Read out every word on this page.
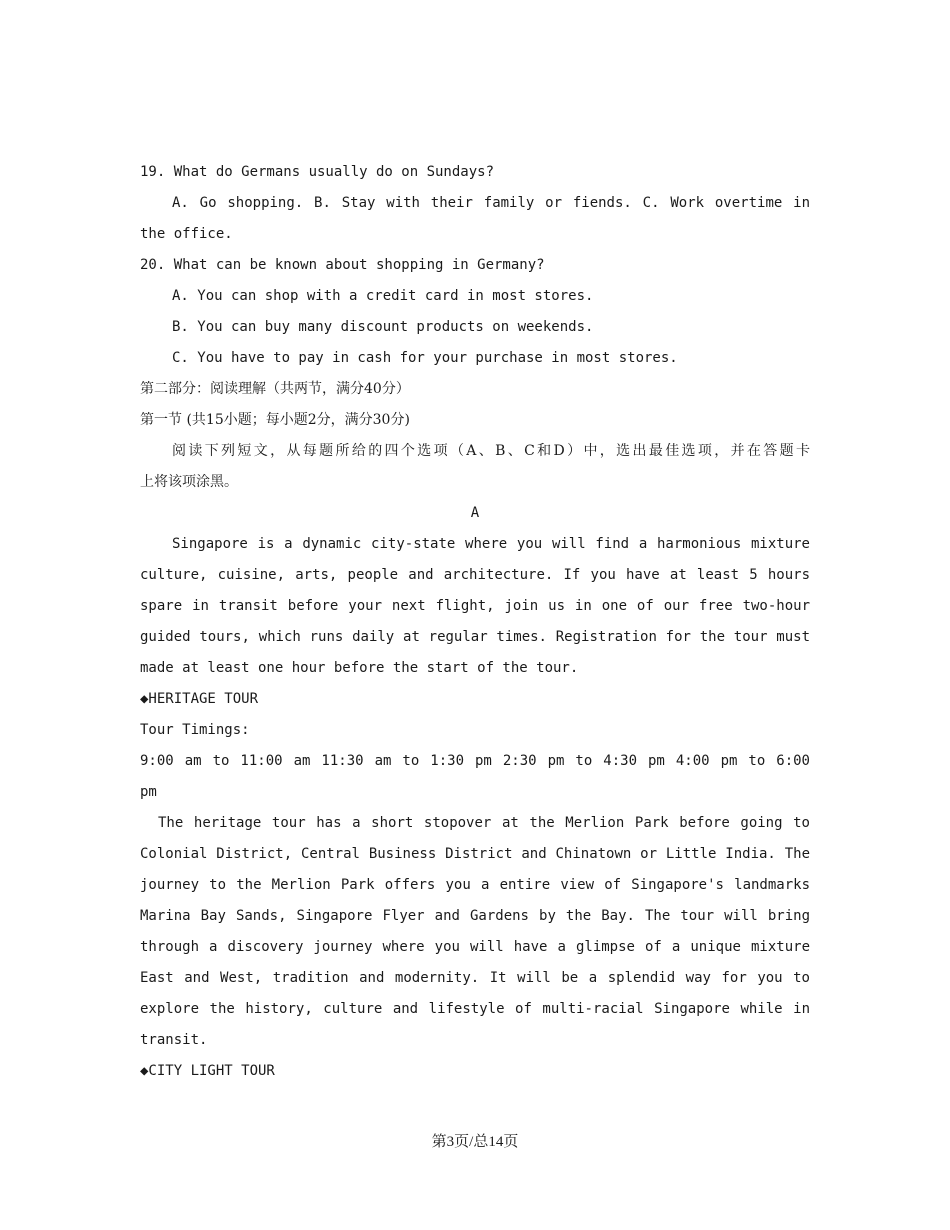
19. What do Germans usually do on Sundays?
A. Go shopping. B. Stay with their family or fiends. C. Work overtime in
the office.
20. What can be known about shopping in Germany?
A. You can shop with a credit card in most stores.
B. You can buy many discount products on weekends.
C. You have to pay in cash for your purchase in most stores.
第二部分：阅读理解（共两节，满分40分）
第一节 (共15小题；每小题2分，满分30分)
阅读下列短文，从每题所给的四个选项（A、B、C和D）中，选出最佳选项，并在答题卡
上将该项涂黑。
A
Singapore is a dynamic city-state where you will find a harmonious mixture
culture, cuisine, arts, people and architecture. If you have at least 5 hours
spare in transit before your next flight, join us in one of our free two-hour
guided tours, which runs daily at regular times. Registration for the tour must
made at least one hour before the start of the tour.
◆HERITAGE TOUR
Tour Timings:
9:00 am to 11:00 am 11:30 am to 1:30 pm 2:30 pm to 4:30 pm 4:00 pm to 6:00
pm
The heritage tour has a short stopover at the Merlion Park before going to
Colonial District, Central Business District and Chinatown or Little India. The
journey to the Merlion Park offers you a entire view of Singapore's landmarks
Marina Bay Sands, Singapore Flyer and Gardens by the Bay. The tour will bring
through a discovery journey where you will have a glimpse of a unique mixture
East and West, tradition and modernity. It will be a splendid way for you to
explore the history, culture and lifestyle of multi-racial Singapore while in
transit.
◆CITY LIGHT TOUR
第3页/总14页
